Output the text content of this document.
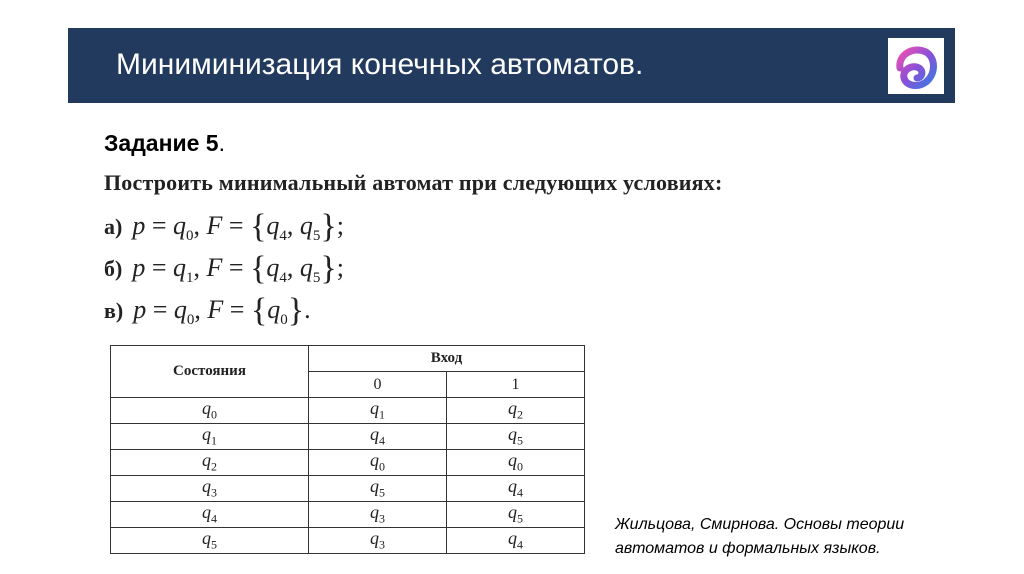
Миниминизация конечных автоматов.
Задание 5.
Построить минимальный автомат при следующих условиях:
а) $p = q_0$, $F = \{q_4$, $q_5$};
б) $p = q_1$, $F = \{q_4$, $q_5$};
в) $p = q_0$, $F = \{q_0\}$.
Состояния	Вход	
	0	1
$q_0$	$q_1$	$q_2$
$q_1$	$q_4$	$q_5$
$q_2$	$q_0$	$q_0$
$q_3$	$q_5$	$q_4$
$q_4$	$q_3$	$q_5$
$q_5$	$q_3$	$q_4$
Жильцова, Смирнова. Основы теории
автоматов и формальных языков.
